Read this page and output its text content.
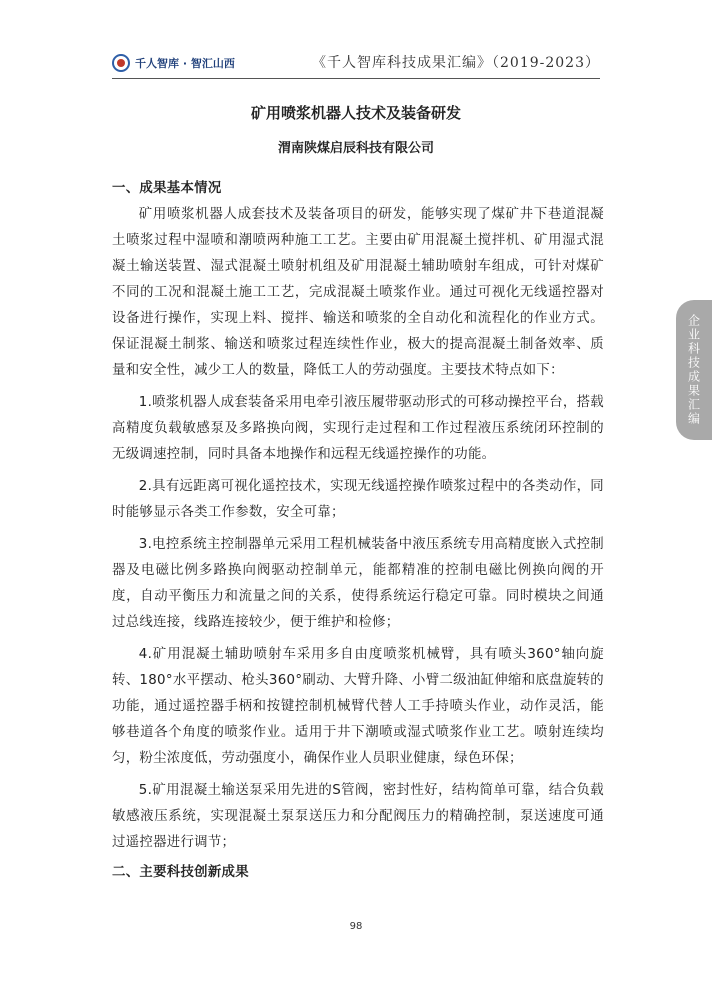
千人智库 · 智汇山西	《千人智库科技成果汇编》（2019-2023）
矿用喷浆机器人技术及装备研发
渭南陕煤启辰科技有限公司

一、成果基本情况

矿用喷浆机器人成套技术及装备项目的研发，能够实现了煤矿井下巷道混凝土喷浆过程中湿喷和潮喷两种施工工艺。主要由矿用混凝土搅拌机、矿用湿式混凝土输送装置、湿式混凝土喷射机组及矿用混凝土辅助喷射车组成，可针对煤矿不同的工况和混凝土施工工艺，完成混凝土喷浆作业。通过可视化无线遥控器对设备进行操作，实现上料、搅拌、输送和喷浆的全自动化和流程化的作业方式。保证混凝土制浆、输送和喷浆过程连续性作业，极大的提高混凝土制备效率、质量和安全性，减少工人的数量，降低工人的劳动强度。主要技术特点如下：

1.喷浆机器人成套装备采用电牵引液压履带驱动形式的可移动操控平台，搭载高精度负载敏感泵及多路换向阀，实现行走过程和工作过程液压系统闭环控制的无级调速控制，同时具备本地操作和远程无线遥控操作的功能。

2.具有远距离可视化遥控技术，实现无线遥控操作喷浆过程中的各类动作，同时能够显示各类工作参数，安全可靠；

3.电控系统主控制器单元采用工程机械装备中液压系统专用高精度嵌入式控制器及电磁比例多路换向阀驱动控制单元，能都精准的控制电磁比例换向阀的开度，自动平衡压力和流量之间的关系，使得系统运行稳定可靠。同时模块之间通过总线连接，线路连接较少，便于维护和检修；

4.矿用混凝土辅助喷射车采用多自由度喷浆机械臂，具有喷头360°轴向旋转、180°水平摆动、枪头360°刷动、大臂升降、小臂二级油缸伸缩和底盘旋转的功能，通过遥控器手柄和按键控制机械臂代替人工手持喷头作业，动作灵活，能够巷道各个角度的喷浆作业。适用于井下潮喷或湿式喷浆作业工艺。喷射连续均匀，粉尘浓度低，劳动强度小，确保作业人员职业健康，绿色环保；

5.矿用混凝土输送泵采用先进的S管阀，密封性好，结构简单可靠，结合负载敏感液压系统，实现混凝土泵泵送压力和分配阀压力的精确控制，泵送速度可通过遥控器进行调节；

二、主要科技创新成果

企业科技成果汇编
98
